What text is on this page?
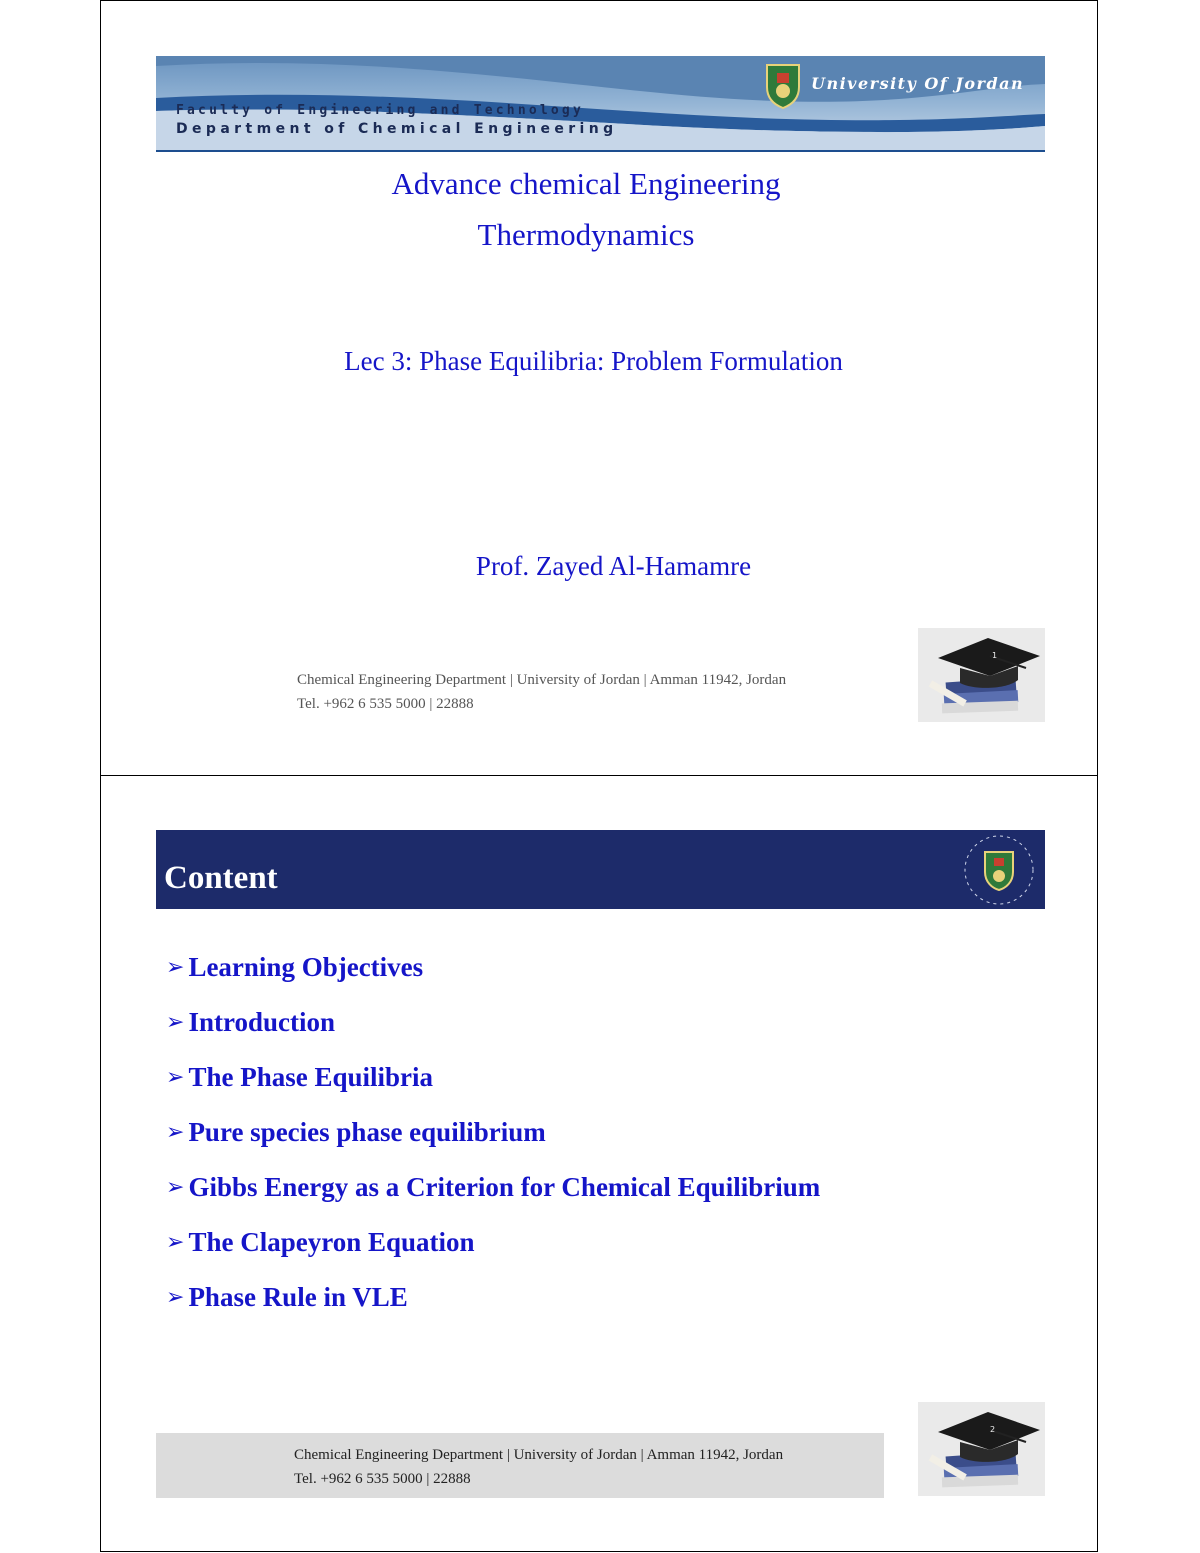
University Of Jordan
Faculty of Engineering and Technology
Department of Chemical Engineering
Advance chemical Engineering
Thermodynamics
Lec 3: Phase Equilibria: Problem Formulation
Prof. Zayed Al-Hamamre
Chemical Engineering Department | University of Jordan | Amman 11942, Jordan
Tel. +962 6 535 5000 | 22888
1
Content
➢ Learning Objectives
➢ Introduction
➢ The Phase Equilibria
➢ Pure species phase equilibrium
➢ Gibbs Energy as a Criterion for Chemical Equilibrium
➢ The Clapeyron Equation
➢ Phase Rule in VLE
Chemical Engineering Department | University of Jordan | Amman 11942, Jordan
Tel. +962 6 535 5000 | 22888
2
